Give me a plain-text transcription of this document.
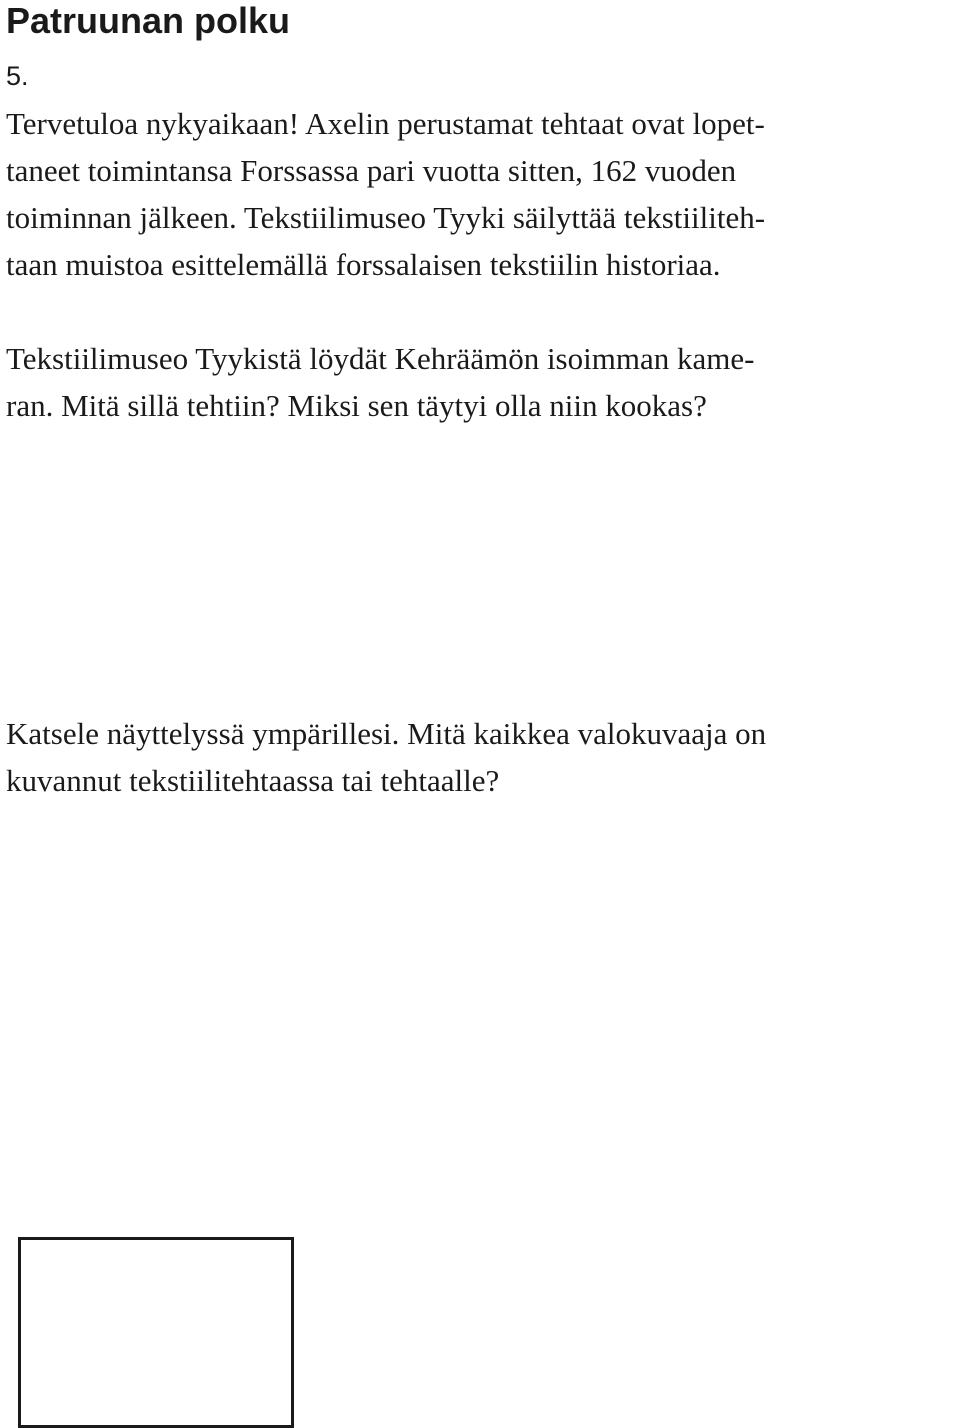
Patruunan polku
5.

Tervetuloa nykyaikaan! Axelin perustamat tehtaat ovat lopet-

taneet toimintansa Forssassa pari vuotta sitten, 162 vuoden

toiminnan jälkeen. Tekstiilimuseo Tyyki säilyttää tekstiiliteh-

taan muistoa esittelemällä forssalaisen tekstiilin historiaa.

Tekstiilimuseo Tyykistä löydät Kehräämön isoimman kame-

ran. Mitä sillä tehtiin? Miksi sen täytyi olla niin kookas?

Katsele näyttelyssä ympärillesi. Mitä kaikkea valokuvaaja on

kuvannut tekstiilitehtaassa tai tehtaalle?
